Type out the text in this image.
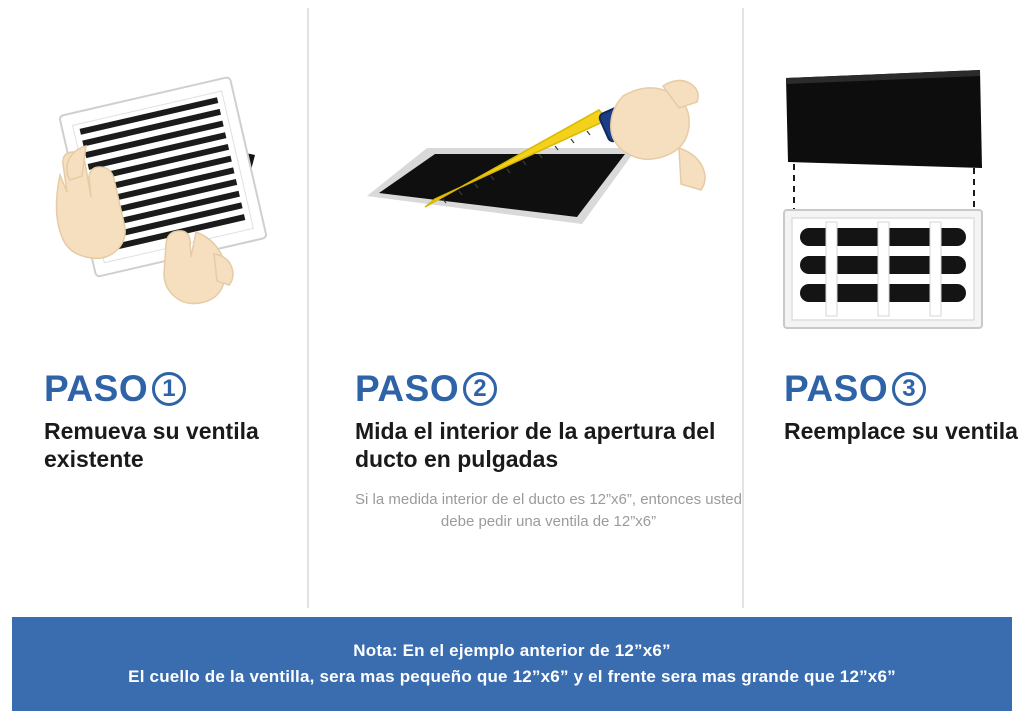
PASO 1
Remueva su ventila existente
PASO 2
Mida el interior de la apertura del ducto en pulgadas
Si la medida interior de el ducto es 12”x6”, entonces usted debe pedir una ventila de 12”x6”
PASO 3
Reemplace su ventila
Nota: En el ejemplo anterior de 12”x6”
El cuello de la ventilla, sera mas pequeño que 12”x6” y el frente sera mas grande que 12”x6”
